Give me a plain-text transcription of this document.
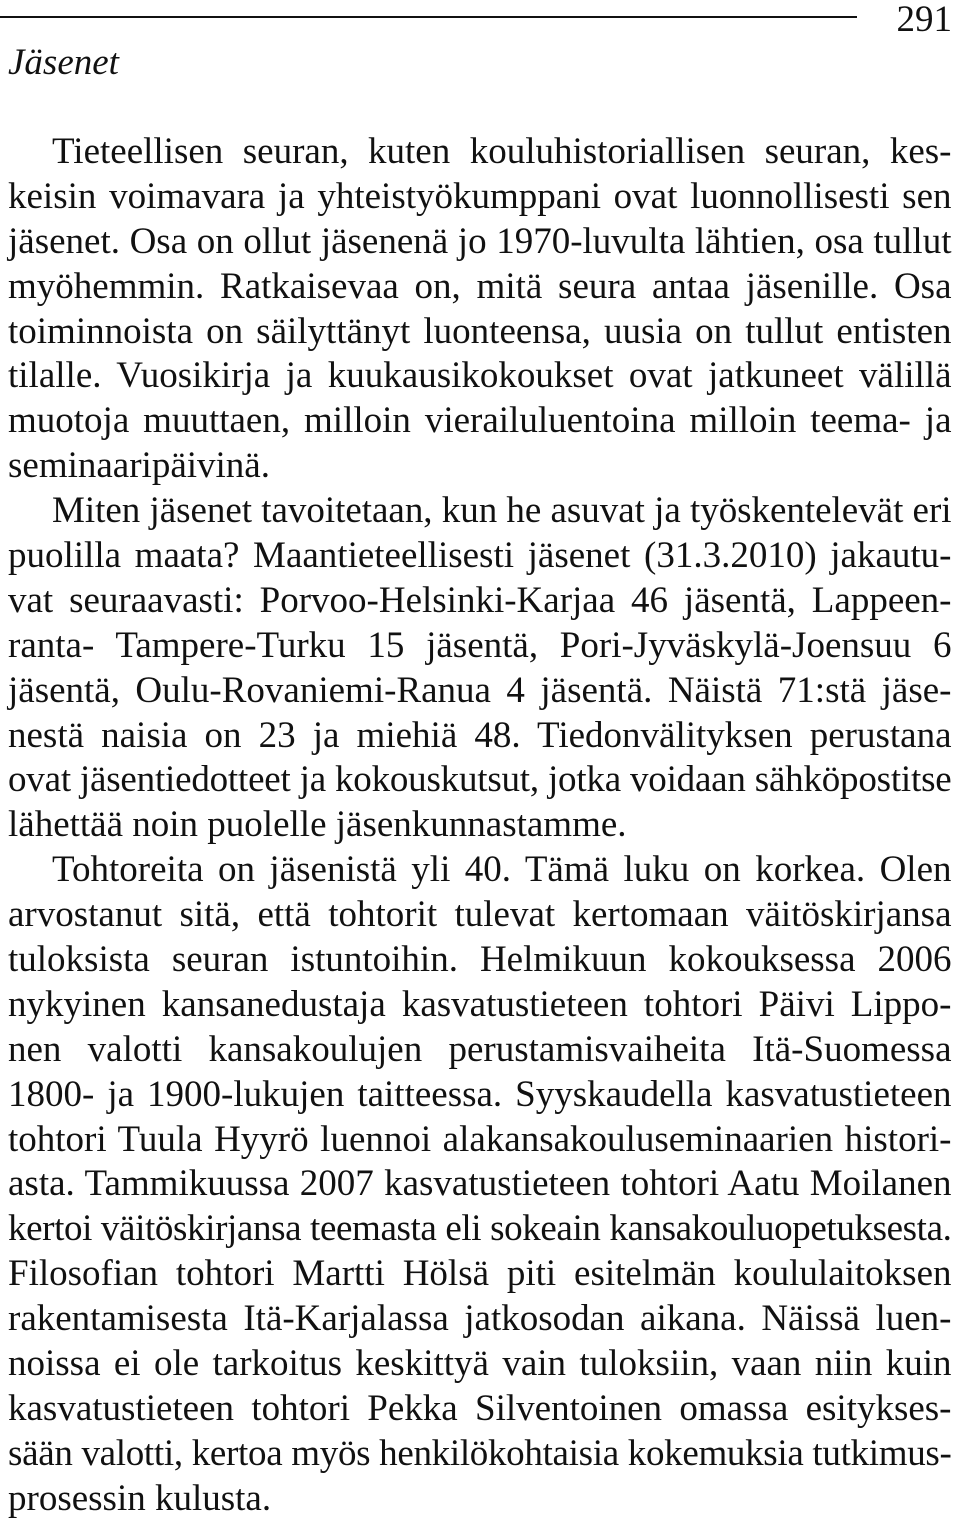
291
Jäsenet
Tieteellisen seuran, kuten kouluhistoriallisen seuran, kes-
keisin voimavara ja yhteistyökumppani ovat luonnollisesti sen
jäsenet. Osa on ollut jäsenenä jo 1970-luvulta lähtien, osa tullut
myöhemmin. Ratkaisevaa on, mitä seura antaa jäsenille. Osa
toiminnoista on säilyttänyt luonteensa, uusia on tullut entisten
tilalle. Vuosikirja ja kuukausikokoukset ovat jatkuneet välillä
muotoja muuttaen, milloin vierailuluentoina milloin teema- ja
seminaaripäivinä.
Miten jäsenet tavoitetaan, kun he asuvat ja työskentelevät eri
puolilla maata? Maantieteellisesti jäsenet (31.3.2010) jakautu-
vat seuraavasti: Porvoo-Helsinki-Karjaa 46 jäsentä, Lappeen-
ranta- Tampere-Turku 15 jäsentä, Pori-Jyväskylä-Joensuu 6
jäsentä, Oulu-Rovaniemi-Ranua 4 jäsentä. Näistä 71:stä jäse-
nestä naisia on 23 ja miehiä 48. Tiedonvälityksen perustana
ovat jäsentiedotteet ja kokouskutsut, jotka voidaan sähköpostitse
lähettää noin puolelle jäsenkunnastamme.
Tohtoreita on jäsenistä yli 40. Tämä luku on korkea. Olen
arvostanut sitä, että tohtorit tulevat kertomaan väitöskirjansa
tuloksista seuran istuntoihin. Helmikuun kokouksessa 2006
nykyinen kansanedustaja kasvatustieteen tohtori Päivi Lippo-
nen valotti kansakoulujen perustamisvaiheita Itä-Suomessa
1800- ja 1900-lukujen taitteessa. Syyskaudella kasvatustieteen
tohtori Tuula Hyyrö luennoi alakansakouluseminaarien histori-
asta. Tammikuussa 2007 kasvatustieteen tohtori Aatu Moilanen
kertoi väitöskirjansa teemasta eli sokeain kansakouluopetuksesta.
Filosofian tohtori Martti Hölsä piti esitelmän koululaitoksen
rakentamisesta Itä-Karjalassa jatkosodan aikana. Näissä luen-
noissa ei ole tarkoitus keskittyä vain tuloksiin, vaan niin kuin
kasvatustieteen tohtori Pekka Silventoinen omassa esitykses-
sään valotti, kertoa myös henkilökohtaisia kokemuksia tutkimus-
prosessin kulusta.
